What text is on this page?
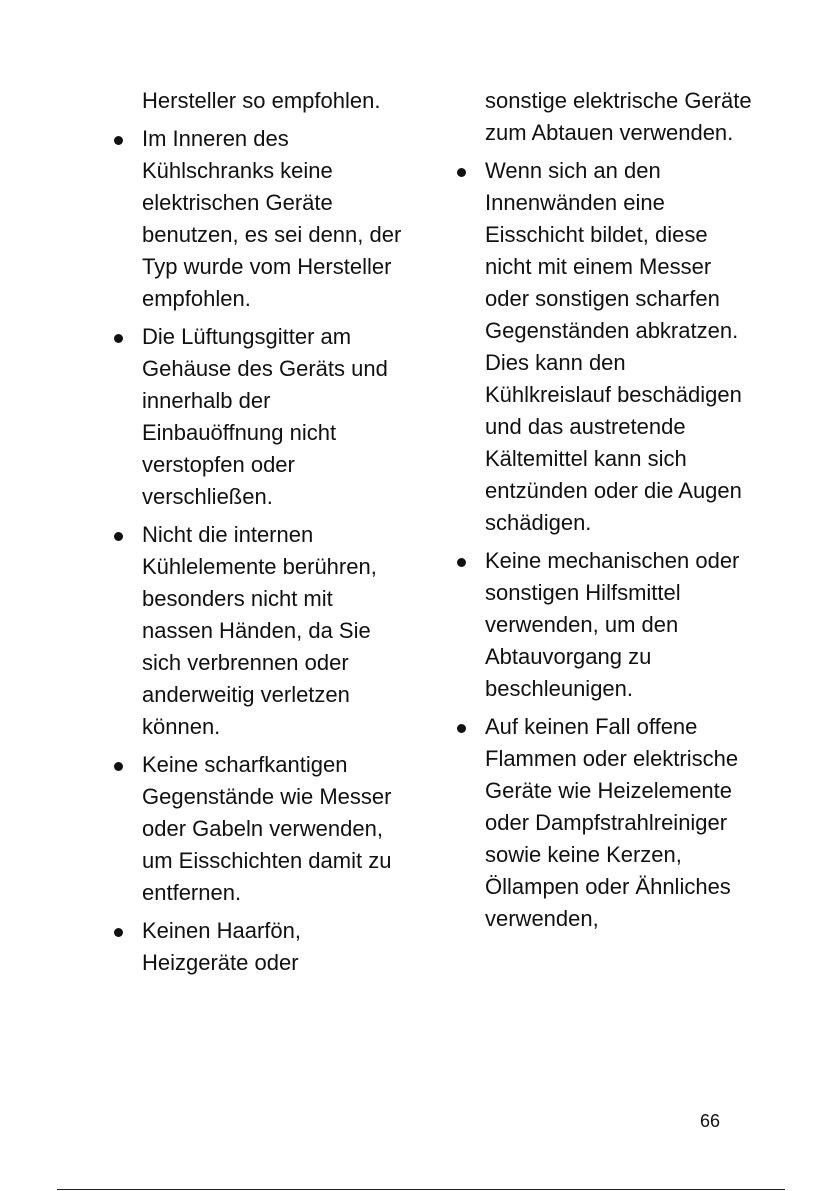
Hersteller so empfohlen.

Im Inneren des Kühlschranks keine elektrischen Geräte benutzen, es sei denn, der Typ wurde vom Hersteller empfohlen.

Die Lüftungsgitter am Gehäuse des Geräts und innerhalb der Einbauöffnung nicht verstopfen oder verschließen.

Nicht die internen Kühlelemente berühren, besonders nicht mit nassen Händen, da Sie sich verbrennen oder anderweitig verletzen können.

Keine scharfkantigen Gegenstände wie Messer oder Gabeln verwenden, um Eisschichten damit zu entfernen.

Keinen Haarfön, Heizgeräte oder

sonstige elektrische Geräte zum Abtauen verwenden.

Wenn sich an den Innenwänden eine Eisschicht bildet, diese nicht mit einem Messer oder sonstigen scharfen Gegenständen abkratzen. Dies kann den Kühlkreislauf beschädigen und das austretende Kältemittel kann sich entzünden oder die Augen schädigen.

Keine mechanischen oder sonstigen Hilfsmittel verwenden, um den Abtauvorgang zu beschleunigen.

Auf keinen Fall offene Flammen oder elektrische Geräte wie Heizelemente oder Dampfstrahlreiniger sowie keine Kerzen, Öllampen oder Ähnliches verwenden,

66
